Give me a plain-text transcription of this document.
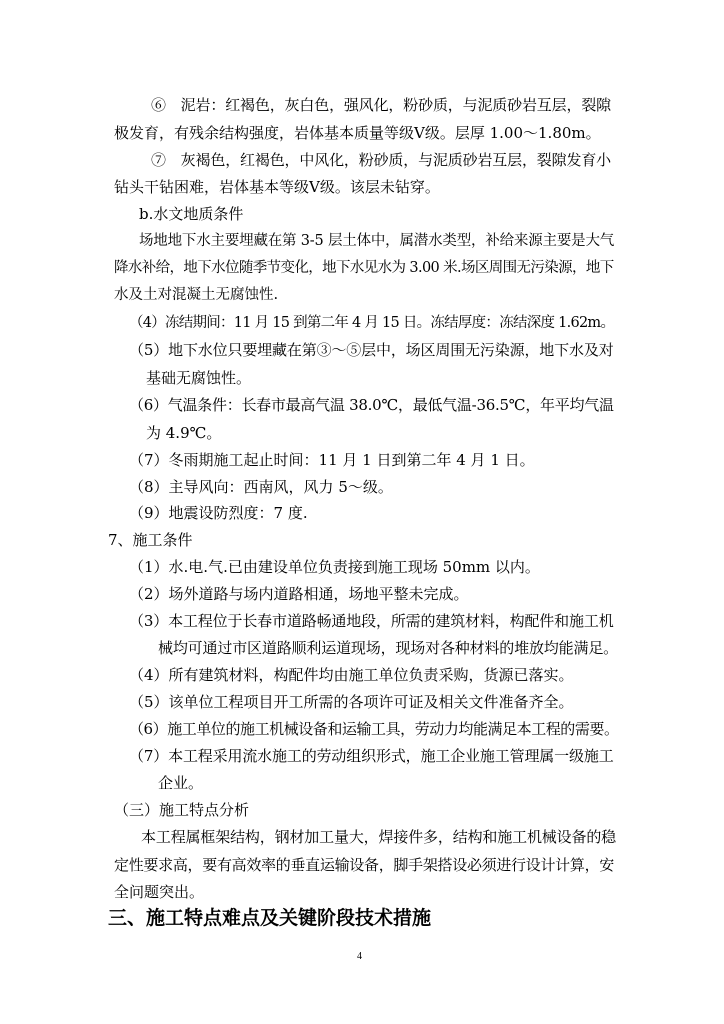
⑥　泥岩：红褐色，灰白色，强风化，粉砂质，与泥质砂岩互层，裂隙
极发育，有残余结构强度，岩体基本质量等级Ⅴ级。层厚 1.00～1.80m。
⑦　灰褐色，红褐色，中风化，粉砂质，与泥质砂岩互层，裂隙发育小
钻头干钻困难，岩体基本等级Ⅴ级。该层未钻穿。
b.水文地质条件
场地地下水主要埋藏在第 3-5 层土体中，属潜水类型，补给来源主要是大气
降水补给，地下水位随季节变化，地下水见水为 3.00 米.场区周围无污染源，地下
水及土对混凝土无腐蚀性.
（4）冻结期间：11 月 15 到第二年 4 月 15 日。冻结厚度：冻结深度 1.62m。
（5）地下水位只要埋藏在第③～⑤层中，场区周围无污染源，地下水及对
基础无腐蚀性。
（6）气温条件：长春市最高气温 38.0℃，最低气温-36.5℃，年平均气温
为 4.9℃。
（7）冬雨期施工起止时间：11 月 1 日到第二年 4 月 1 日。
（8）主导风向：西南风，风力 5～级。
（9）地震设防烈度：7 度.
7、施工条件
（1）水.电.气.已由建设单位负责接到施工现场 50mm 以内。
（2）场外道路与场内道路相通，场地平整未完成。
（3）本工程位于长春市道路畅通地段，所需的建筑材料，构配件和施工机
械均可通过市区道路顺利运道现场，现场对各种材料的堆放均能满足。
（4）所有建筑材料，构配件均由施工单位负责采购，货源已落实。
（5）该单位工程项目开工所需的各项许可证及相关文件准备齐全。
（6）施工单位的施工机械设备和运输工具，劳动力均能满足本工程的需要。
（7）本工程采用流水施工的劳动组织形式，施工企业施工管理属一级施工
企业。
（三）施工特点分析
本工程属框架结构，钢材加工量大，焊接件多，结构和施工机械设备的稳
定性要求高，要有高效率的垂直运输设备，脚手架搭设必须进行设计计算，安
全问题突出。
三、施工特点难点及关键阶段技术措施
4
